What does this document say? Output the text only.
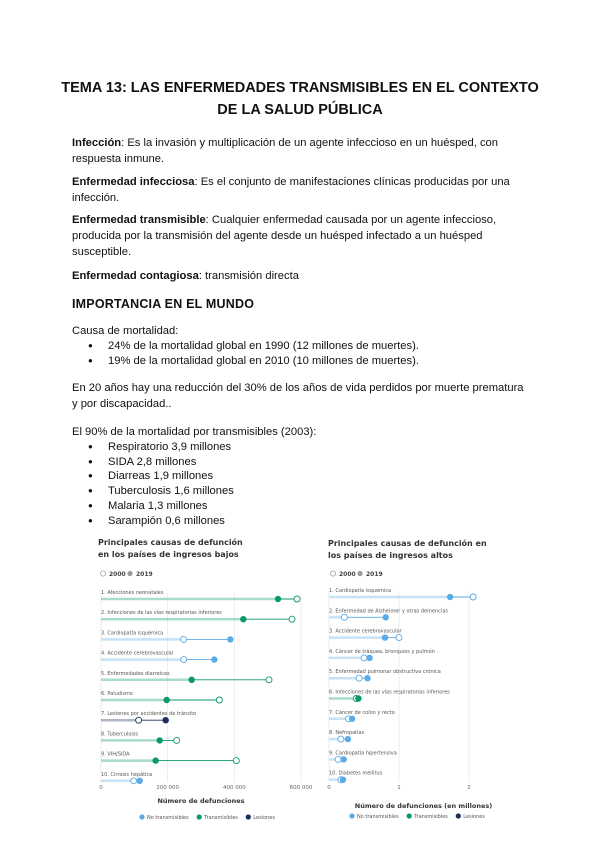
TEMA 13: LAS ENFERMEDADES TRANSMISIBLES EN EL CONTEXTO
DE LA SALUD PÚBLICA
Infección: Es la invasión y multiplicación de un agente infeccioso en un huésped, con respuesta inmune.
Enfermedad infecciosa: Es el conjunto de manifestaciones clínicas producidas por una infección.
Enfermedad transmisible: Cualquier enfermedad causada por un agente infeccioso, producida por la transmisión del agente desde un huésped infectado a un huésped susceptible.
Enfermedad contagiosa: transmisión directa
IMPORTANCIA EN EL MUNDO
Causa de mortalidad:
● 24% de la mortalidad global en 1990 (12 millones de muertes).
● 19% de la mortalidad global en 2010 (10 millones de muertes).
En 20 años hay una reducción del 30% de los años de vida perdidos por muerte prematura y por discapacidad..
El 90% de la mortalidad por transmisibles (2003):
● Respiratorio 3,9 millones
● SIDA 2,8 millones
● Diarreas 1,9 millones
● Tuberculosis 1,6 millones
● Malaria 1,3 millones
● Sarampión 0,6 millones
Principales causas de defunción
en los países de ingresos bajos
2000 2019
0	200 000	400 000	600 000
1. Afecciones neonatales
2. Infecciones de las vías respiratorias inferiores
3. Cardiopatía isquémica
4. Accidente cerebrovascular
5. Enfermedades diarreicas
6. Paludismo
7. Lesiones por accidentes de tránsito
8. Tuberculosis
9. VIH/SIDA
10. Cirrosis hepática
Número de defunciones
No transmisibles	Transmisibles	Lesiones
Principales causas de defunción en
los países de ingresos altos
2000 2019
0	1	2
1. Cardiopatía isquémica
2. Enfermedad de Alzheimer y otras demencias
3. Accidente cerebrovascular
4. Cáncer de tráquea, bronquios y pulmón
5. Enfermedad pulmonar obstructiva crónica
6. Infecciones de las vías respiratorias inferiores
7. Cáncer de colon y recto
8. Nefropatías
9. Cardiopatía hipertensiva
10. Diabetes mellitus
Número de defunciones (en millones)
No transmisibles	Transmisibles	Lesiones
